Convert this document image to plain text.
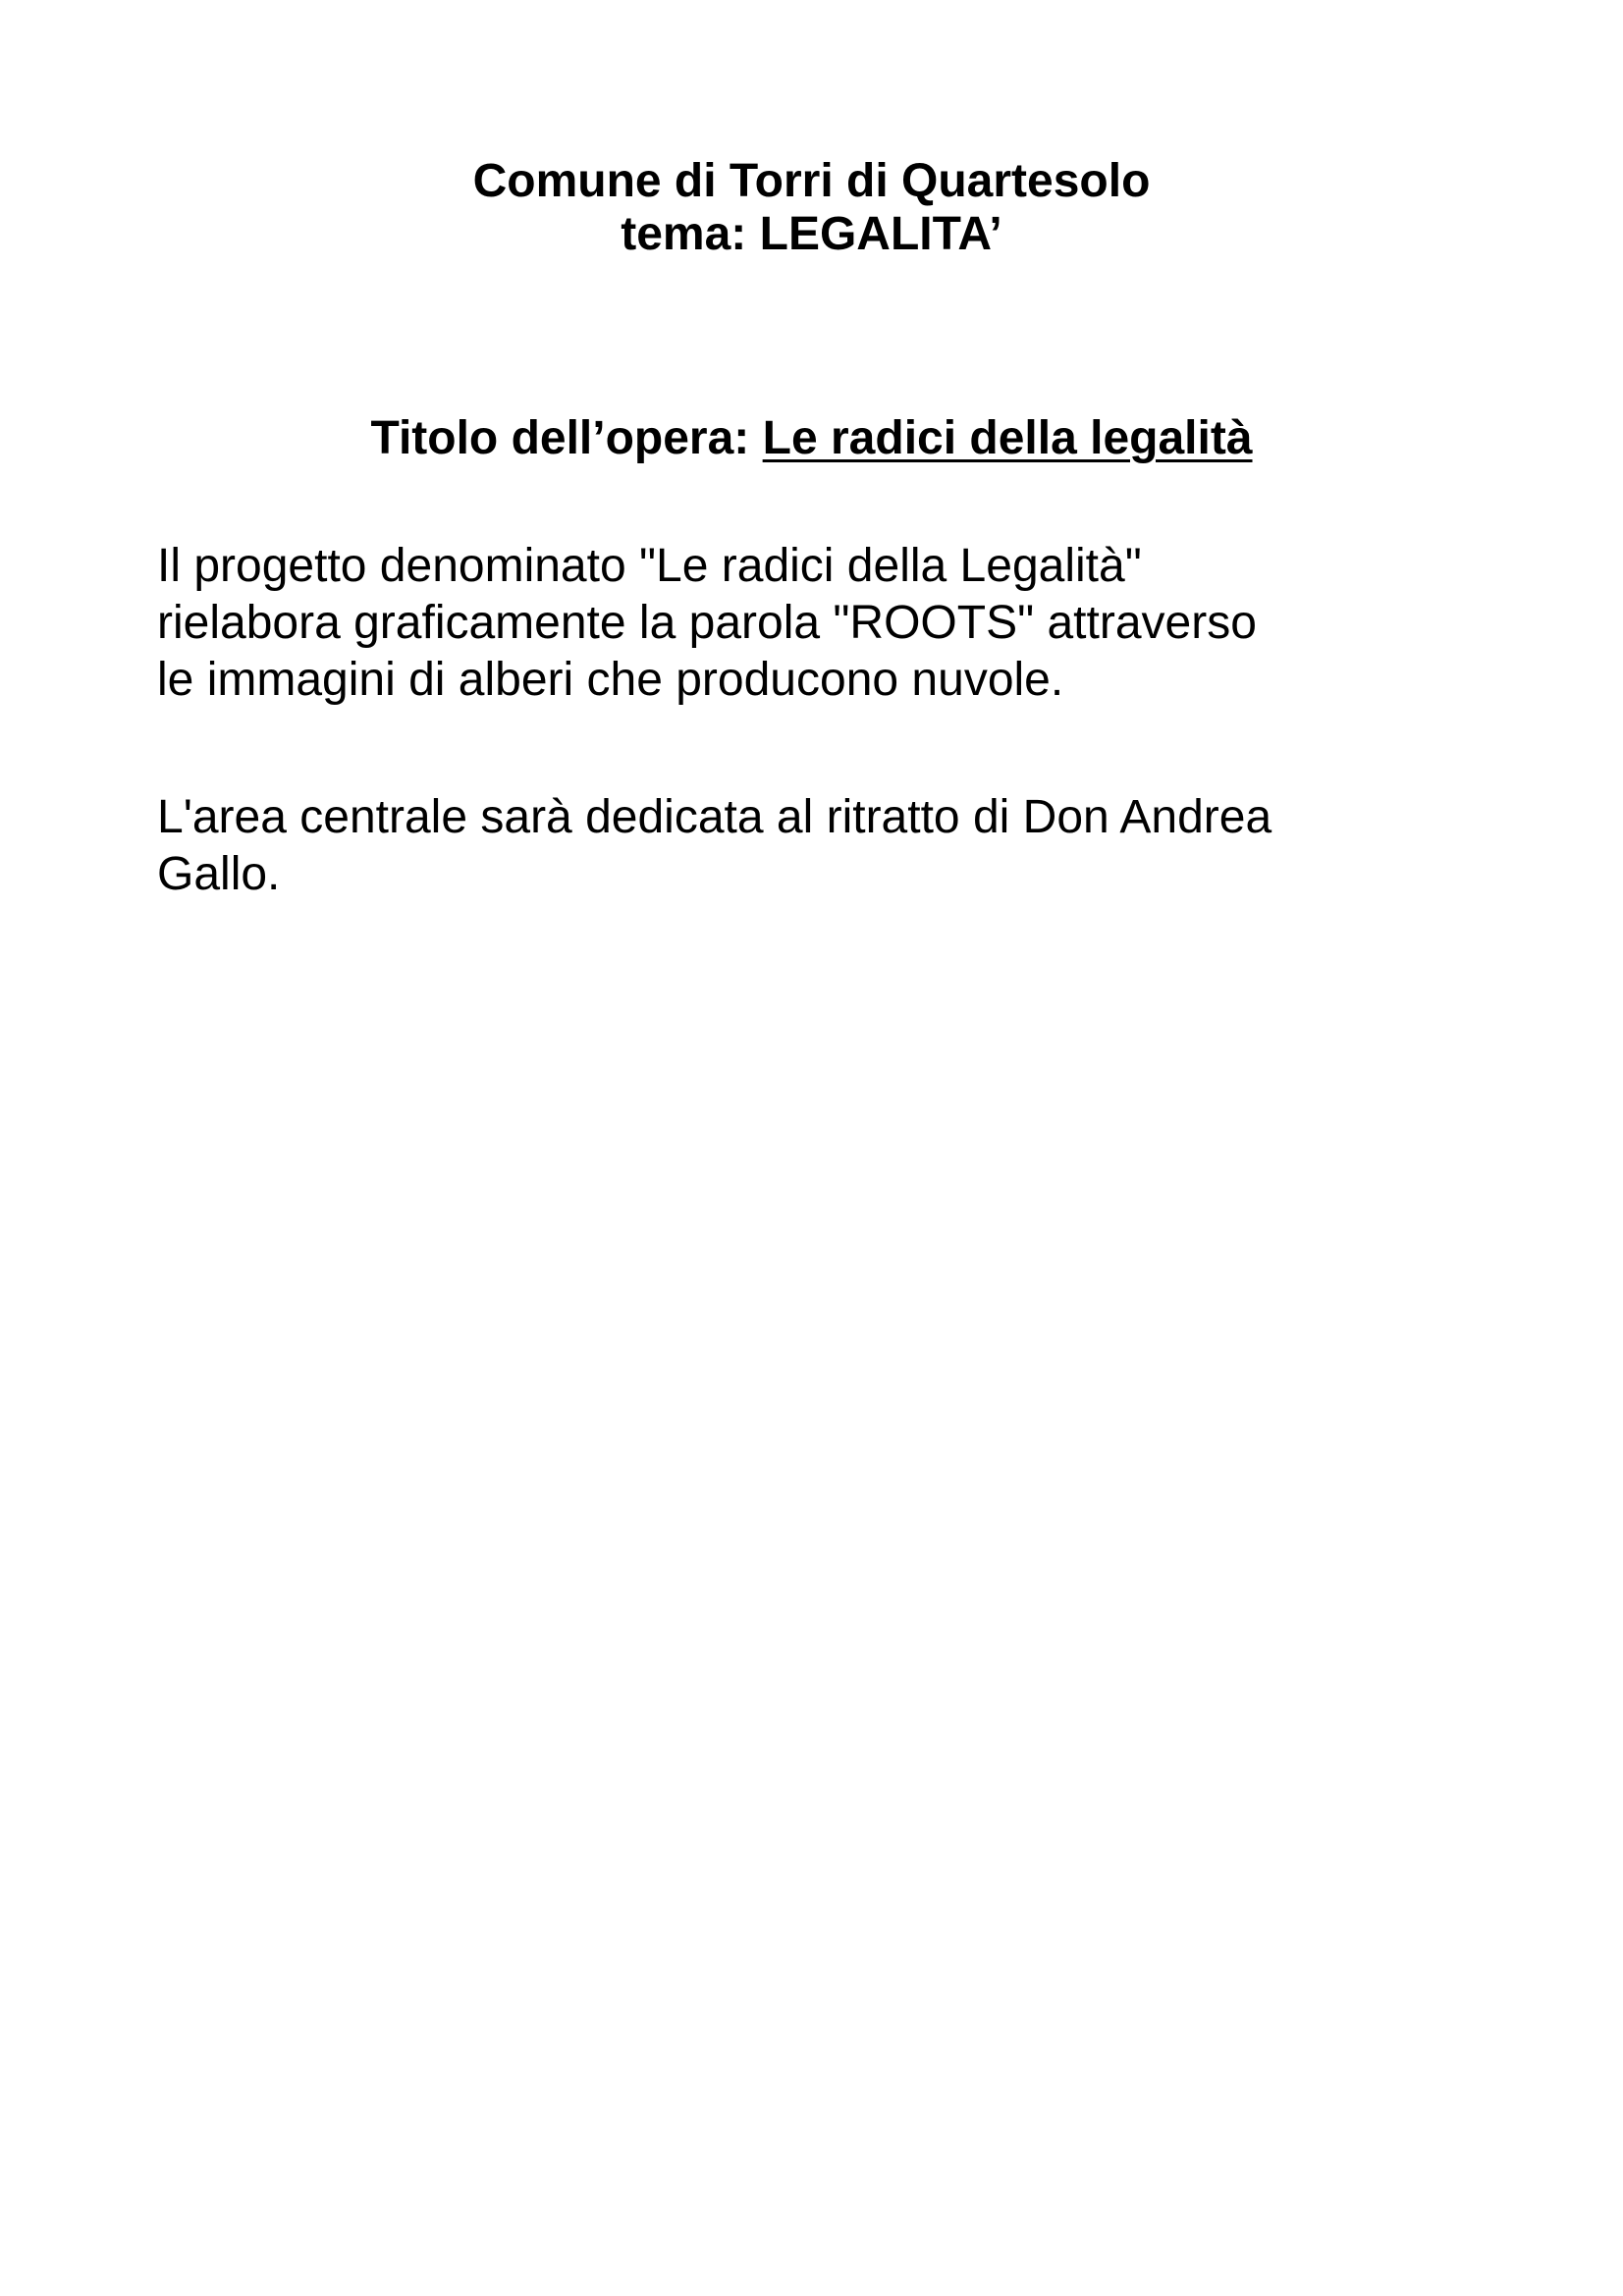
Comune di Torri di Quartesolo
tema: LEGALITA’
Titolo dell’opera: Le radici della legalità
Il progetto denominato "Le radici della Legalità"
rielabora graficamente la parola "ROOTS" attraverso
le immagini di alberi che producono nuvole.
L'area centrale sarà dedicata al ritratto di Don Andrea
Gallo.
